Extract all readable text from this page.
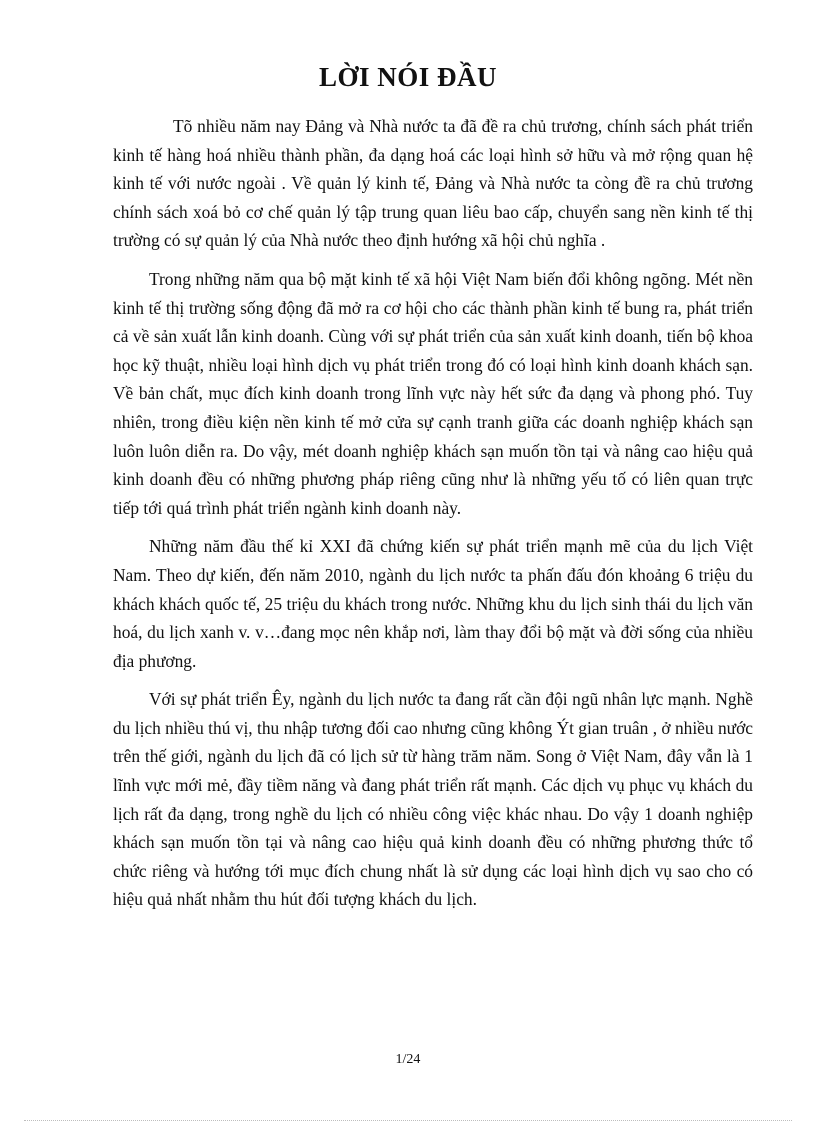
LỜI NÓI ĐẦU

Tõ nhiều năm nay Đảng và Nhà nước ta đã đề ra chủ trương, chính sách phát triển kinh tế hàng hoá nhiều thành phần, đa dạng hoá các loại hình sở hữu và mở rộng quan hệ kinh tế với nước ngoài . Về quản lý kinh tế, Đảng và Nhà nước ta còng đề ra chủ trương chính sách xoá bỏ cơ chế quản lý tập trung quan liêu bao cấp, chuyển sang nền kinh tế thị trường có sự quản lý của Nhà nước theo định hướng xã hội chủ nghĩa .

Trong những năm qua bộ mặt kinh tế xã hội Việt Nam biến đổi không ngõng. Mét nền kinh tế thị trường sống động đã mở ra cơ hội cho các thành phần kinh tế bung ra, phát triển cả về sản xuất lẫn kinh doanh. Cùng với sự phát triển của sản xuất kinh doanh, tiến bộ khoa học kỹ thuật, nhiều loại hình dịch vụ phát triển trong đó có loại hình kinh doanh khách sạn. Về bản chất, mục đích kinh doanh trong lĩnh vực này hết sức đa dạng và phong phó. Tuy nhiên, trong điều kiện nền kinh tế mở cửa sự cạnh tranh giữa các doanh nghiệp khách sạn luôn luôn diễn ra. Do vậy, mét doanh nghiệp khách sạn muốn tồn tại và nâng cao hiệu quả kinh doanh đều có những phương pháp riêng cũng như là những yếu tố có liên quan trực tiếp tới quá trình phát triển ngành kinh doanh này.

Những năm đầu thế kỉ XXI đã chứng kiến sự phát triển mạnh mẽ của du lịch Việt Nam. Theo dự kiến, đến năm 2010, ngành du lịch nước ta phấn đấu đón khoảng 6 triệu du khách khách quốc tế, 25 triệu du khách trong nước. Những khu du lịch sinh thái du lịch văn hoá, du lịch xanh v. v…đang mọc nên khắp nơi, làm thay đổi bộ mặt và đời sống của nhiều địa phương.

Với sự phát triển Êy, ngành du lịch nước ta đang rất cần đội ngũ nhân lực mạnh. Nghề du lịch nhiều thú vị, thu nhập tương đối cao nhưng cũng không Ýt gian truân , ở nhiều nước trên thế giới, ngành du lịch đã có lịch sử từ hàng trăm năm. Song ở Việt Nam, đây vẫn là 1 lĩnh vực mới mẻ, đầy tiềm năng và đang phát triển rất mạnh. Các dịch vụ phục vụ khách du lịch rất đa dạng, trong nghề du lịch có nhiều công việc khác nhau. Do vậy 1 doanh nghiệp khách sạn muốn tồn tại và nâng cao hiệu quả kinh doanh đều có những phương thức tổ chức riêng và hướng tới mục đích chung nhất là sử dụng các loại hình dịch vụ sao cho có hiệu quả nhất nhằm thu hút đối tượng khách du lịch.

1/24
